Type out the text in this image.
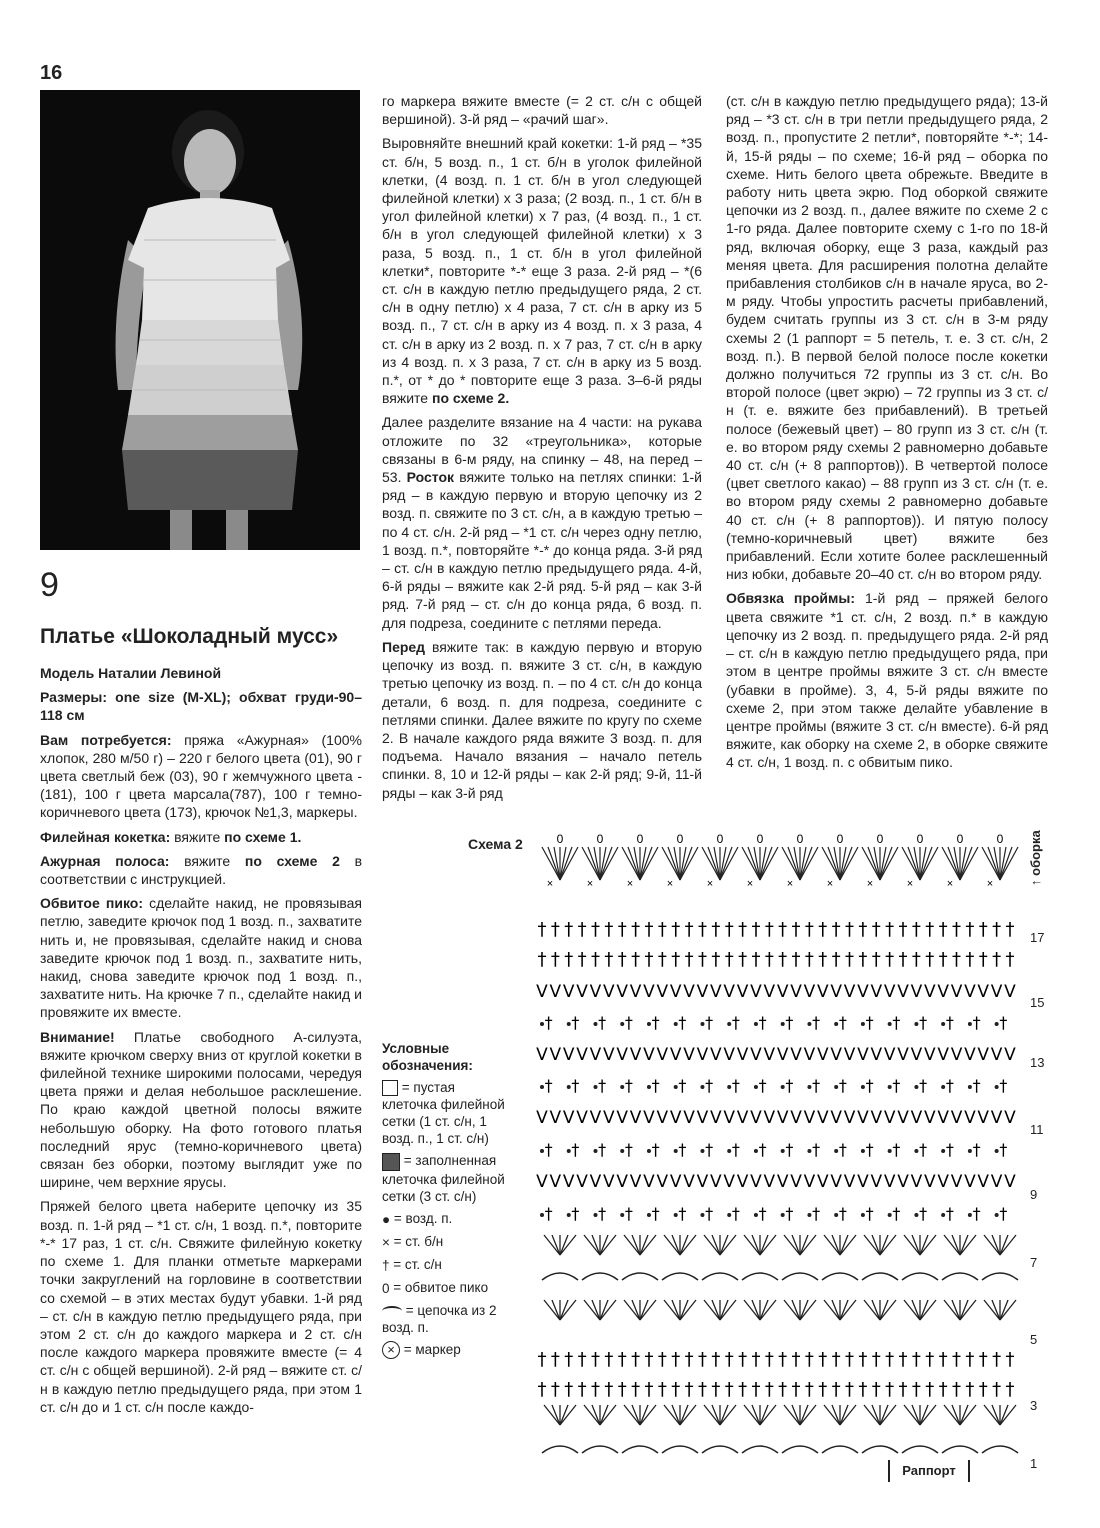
16
9
Платье «Шоколадный мусс»

Модель Наталии Левиной

Размеры: one size (M-XL); обхват груди-90–118 см

Вам потребуется: пряжа «Ажурная» (100% хлопок, 280 м/50 г) – 220 г белого цвета (01), 90 г цвета светлый беж (03), 90 г жемчужного цвета -(181), 100 г цвета марсала(787), 100 г темно-коричневого цвета (173), крючок №1,3, маркеры.

Филейная кокетка: вяжите по схеме 1.

Ажурная полоса: вяжите по схеме 2 в соответствии с инструкцией.

Обвитое пико: сделайте накид, не провязывая петлю, заведите крючок под 1 возд. п., захватите нить и, не провязывая, сделайте накид и снова заведите крючок под 1 возд. п., захватите нить, накид, снова заведите крючок под 1 возд. п., захватите нить. На крючке 7 п., сделайте накид и провяжите их вместе.

Внимание! Платье свободного А-силуэта, вяжите крючком сверху вниз от круглой кокетки в филейной технике широкими полосами, чередуя цвета пряжи и делая небольшое расклешение. По краю каждой цветной полосы вяжите небольшую оборку. На фото готового платья последний ярус (темно-коричневого цвета) связан без оборки, поэтому выглядит уже по ширине, чем верхние ярусы.

Пряжей белого цвета наберите цепочку из 35 возд. п. 1-й ряд – *1 ст. с/н, 1 возд. п.*, повторите *-* 17 раз, 1 ст. с/н. Свяжите филейную кокетку по схеме 1. Для планки отметьте маркерами точки закруглений на горловине в соответствии со схемой – в этих местах будут убавки. 1-й ряд – ст. с/н в каждую петлю предыдущего ряда, при этом 2 ст. с/н до каждого маркера и 2 ст. с/н после каждого маркера провяжите вместе (= 4 ст. с/н с общей вершиной). 2-й ряд – вяжите ст. с/н в каждую петлю предыдущего ряда, при этом 1 ст. с/н до и 1 ст. с/н после каждо-

го маркера вяжите вместе (= 2 ст. с/н с общей вершиной). 3-й ряд – «рачий шаг».

Выровняйте внешний край кокетки: 1-й ряд – *35 ст. б/н, 5 возд. п., 1 ст. б/н в уголок филейной клетки, (4 возд. п. 1 ст. б/н в угол следующей филейной клетки) х 3 раза; (2 возд. п., 1 ст. б/н в угол филейной клетки) х 7 раз, (4 возд. п., 1 ст. б/н в угол следующей филейной клетки) х 3 раза, 5 возд. п., 1 ст. б/н в угол филейной клетки*, повторите *-* еще 3 раза. 2-й ряд – *(6 ст. с/н в каждую петлю предыдущего ряда, 2 ст. с/н в одну петлю) х 4 раза, 7 ст. с/н в арку из 5 возд. п., 7 ст. с/н в арку из 4 возд. п. х 3 раза, 4 ст. с/н в арку из 2 возд. п. х 7 раз, 7 ст. с/н в арку из 4 возд. п. х 3 раза, 7 ст. с/н в арку из 5 возд. п.*, от * до * повторите еще 3 раза. 3–6-й ряды вяжите по схеме 2.

Далее разделите вязание на 4 части: на рукава отложите по 32 «треугольника», которые связаны в 6-м ряду, на спинку – 48, на перед – 53. Росток вяжите только на петлях спинки: 1-й ряд – в каждую первую и вторую цепочку из 2 возд. п. свяжите по 3 ст. с/н, а в каждую третью – по 4 ст. с/н. 2-й ряд – *1 ст. с/н через одну петлю, 1 возд. п.*, повторяйте *-* до конца ряда. 3-й ряд – ст. с/н в каждую петлю предыдущего ряда. 4-й, 6-й ряды – вяжите как 2-й ряд. 5-й ряд – как 3-й ряд. 7-й ряд – ст. с/н до конца ряда, 6 возд. п. для подреза, соедините с петлями переда.

Перед вяжите так: в каждую первую и вторую цепочку из возд. п. вяжите 3 ст. с/н, в каждую третью цепочку из возд. п. – по 4 ст. с/н до конца детали, 6 возд. п. для подреза, соедините с петлями спинки. Далее вяжите по кругу по схеме 2. В начале каждого ряда вяжите 3 возд. п. для подъема. Начало вязания – начало петель спинки. 8, 10 и 12-й ряды – как 2-й ряд; 9-й, 11-й ряды – как 3-й ряд

(ст. с/н в каждую петлю предыдущего ряда); 13-й ряд – *3 ст. с/н в три петли предыдущего ряда, 2 возд. п., пропустите 2 петли*, повторяйте *-*; 14-й, 15-й ряды – по схеме; 16-й ряд – оборка по схеме. Нить белого цвета обрежьте. Введите в работу нить цвета экрю. Под оборкой свяжите цепочки из 2 возд. п., далее вяжите по схеме 2 с 1-го ряда. Далее повторите схему с 1-го по 18-й ряд, включая оборку, еще 3 раза, каждый раз меняя цвета. Для расширения полотна делайте прибавления столбиков с/н в начале яруса, во 2-м ряду. Чтобы упростить расчеты прибавлений, будем считать группы из 3 ст. с/н в 3-м ряду схемы 2 (1 раппорт = 5 петель, т. е. 3 ст. с/н, 2 возд. п.). В первой белой полосе после кокетки должно получиться 72 группы из 3 ст. с/н. Во второй полосе (цвет экрю) – 72 группы из 3 ст. с/н (т. е. вяжите без прибавлений). В третьей полосе (бежевый цвет) – 80 групп из 3 ст. с/н (т. е. во втором ряду схемы 2 равномерно добавьте 40 ст. с/н (+ 8 раппортов)). В четвертой полосе (цвет светлого какао) – 88 групп из 3 ст. с/н (т. е. во втором ряду схемы 2 равномерно добавьте 40 ст. с/н (+ 8 раппортов)). И пятую полосу (темно-коричневый цвет) вяжите без прибавлений. Если хотите более расклешенный низ юбки, добавьте 20–40 ст. с/н во втором ряду.

Обвязка проймы: 1-й ряд – пряжей белого цвета свяжите *1 ст. с/н, 2 возд. п.* в каждую цепочку из 2 возд. п. предыдущего ряда. 2-й ряд – ст. с/н в каждую петлю предыдущего ряда, при этом в центре проймы вяжите 3 ст. с/н вместе (убавки в пройме). 3, 4, 5-й ряды вяжите по схеме 2, при этом также делайте убавление в центре проймы (вяжите 3 ст. с/н вместе). 6-й ряд вяжите, как оборку на схеме 2, в оборке свяжите 4 ст. с/н, 1 возд. п. с обвитым пико.

Условные обозначения:
= пустая клеточка филейной сетки (1 ст. с/н, 1 возд. п., 1 ст. с/н)
= заполненная клеточка филейной сетки (3 ст. с/н)
● = возд. п.
× = ст. б/н
† = ст. с/н
0 = обвитое пико
= цепочка из 2 возд. п.
× = маркер
Схема 2
↑ оборка
0
×
0
×
0
×
0
×
0
×
0
×
0
×
0
×
0
×
0
×
0
×
0
×
† † † † † † † † † † † † † † † † † † † † † † † † † † † † † † † † † † † †
† † † † † † † † † † † † † † † † † † † † † † † † † † † † † † † † † † † †
V V V V V V V V V V V V V V V V V V V V V V V V V V V V V V V V V V V V
† † † † † † † † † † † † † † † † † †
V V V V V V V V V V V V V V V V V V V V V V V V V V V V V V V V V V V V
† † † † † † † † † † † † † † † † † †
V V V V V V V V V V V V V V V V V V V V V V V V V V V V V V V V V V V V
† † † † † † † † † † † † † † † † † †
V V V V V V V V V V V V V V V V V V V V V V V V V V V V V V V V V V V V
† † † † † † † † † † † † † † † † † †
† † † † † † † † † † † † † † † † † † † † † † † † † † † † † † † † † † † †
† † † † † † † † † † † † † † † † † † † † † † † † † † † † † † † † † † † †
17
15
13
11
9
7
5
3
1
Раппорт
